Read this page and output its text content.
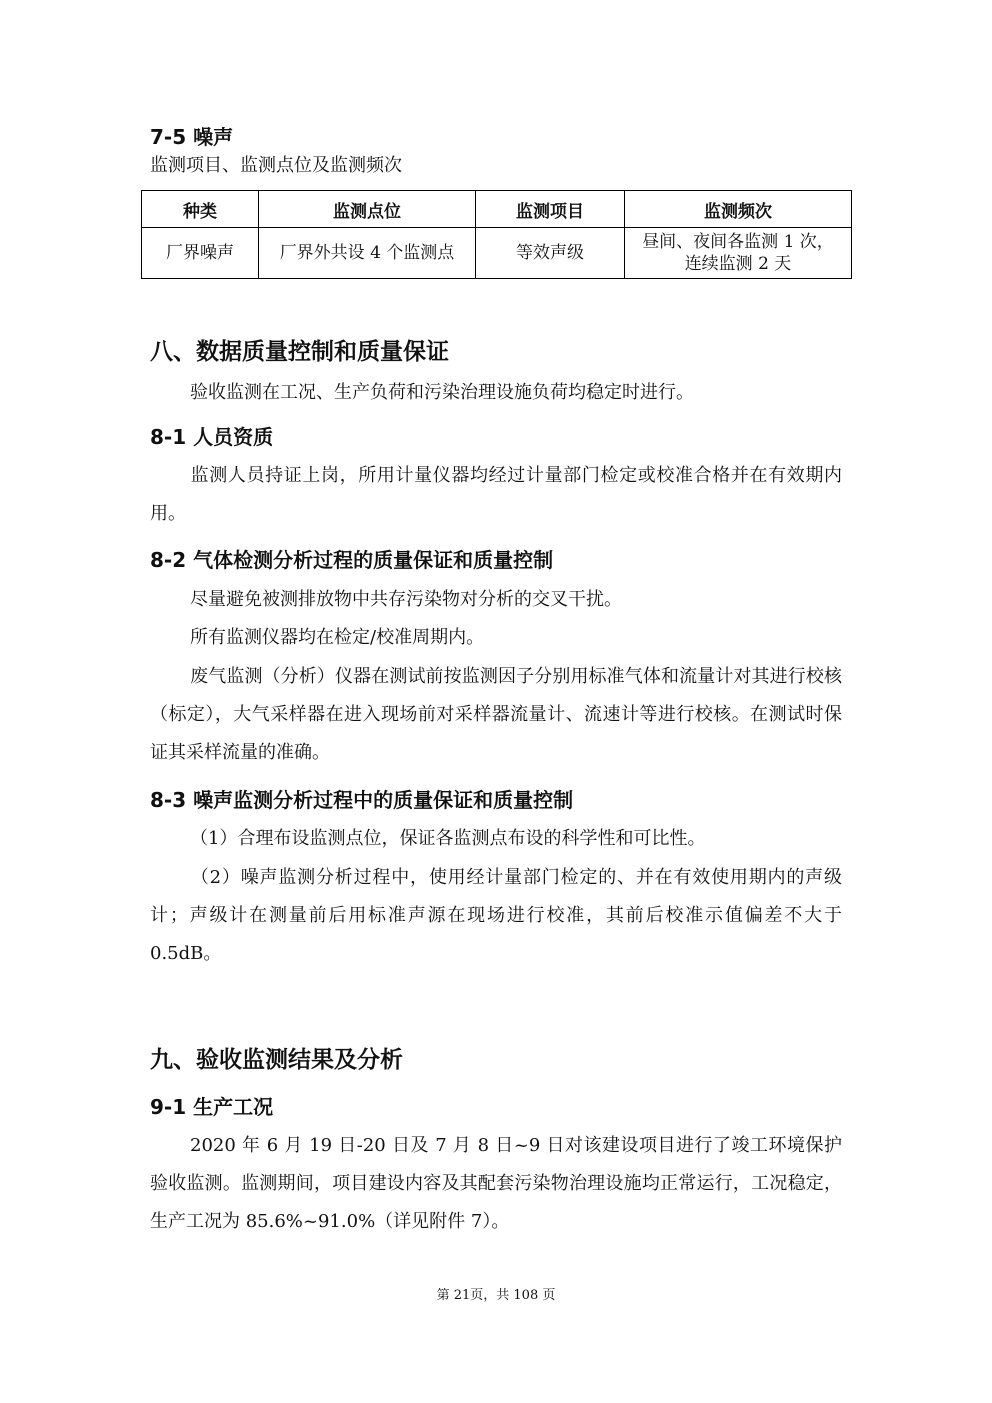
7-5 噪声
监测项目、监测点位及监测频次
种类	监测点位	监测项目	监测频次
厂界噪声	厂界外共设 4 个监测点	等效声级	昼间、夜间各监测 1 次，
连续监测 2 天
八、数据质量控制和质量保证
验收监测在工况、生产负荷和污染治理设施负荷均稳定时进行。
8-1 人员资质
监测人员持证上岗，所用计量仪器均经过计量部门检定或校准合格并在有效期内用。
8-2 气体检测分析过程的质量保证和质量控制
尽量避免被测排放物中共存污染物对分析的交叉干扰。
所有监测仪器均在检定/校准周期内。
废气监测（分析）仪器在测试前按监测因子分别用标准气体和流量计对其进行校核（标定），大气采样器在进入现场前对采样器流量计、流速计等进行校核。在测试时保证其采样流量的准确。
8-3 噪声监测分析过程中的质量保证和质量控制
（1）合理布设监测点位，保证各监测点布设的科学性和可比性。
（2）噪声监测分析过程中，使用经计量部门检定的、并在有效使用期内的声级计；声级计在测量前后用标准声源在现场进行校准，其前后校准示值偏差不大于 0.5dB。
九、验收监测结果及分析
9-1 生产工况
2020 年 6 月 19 日-20 日及 7 月 8 日~9 日对该建设项目进行了竣工环境保护验收监测。监测期间，项目建设内容及其配套污染物治理设施均正常运行，工况稳定，生产工况为 85.6%~91.0%（详见附件 7）。
第 21页，共 108 页
